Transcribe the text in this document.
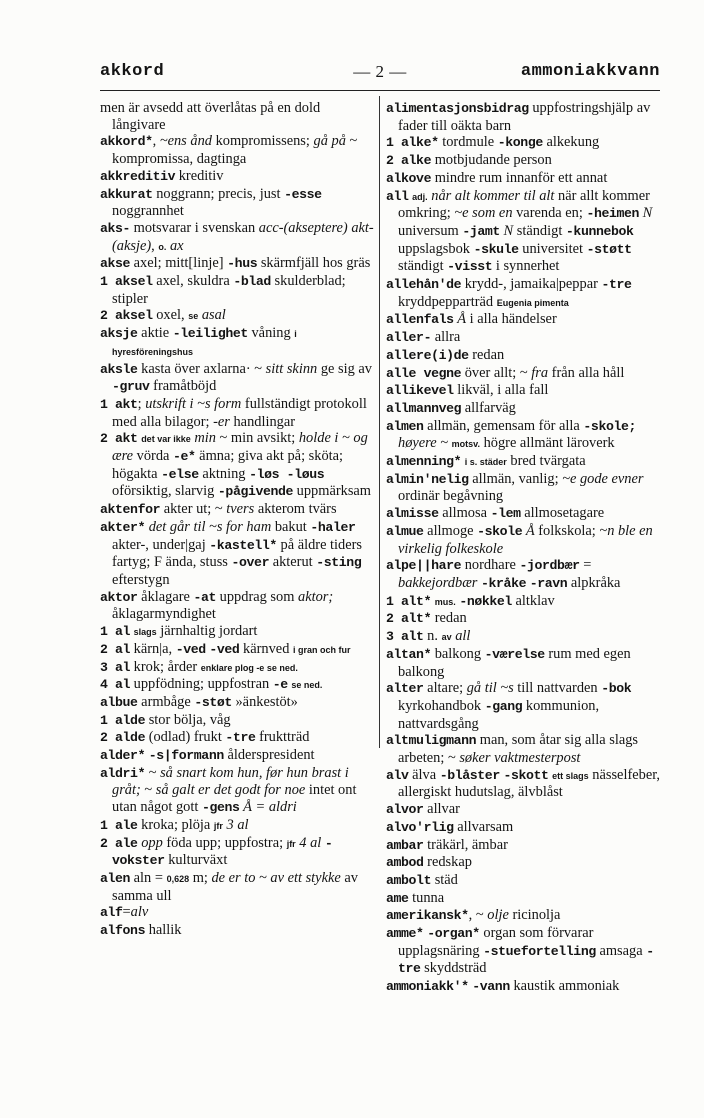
akkord	— 2 —	ammoniakkvann

men är avsedd att överlåtas på en dold långivare

akkord*, ~ens ånd kompromissens; gå på ~ kompromissa, dagtinga

akkreditiv kreditiv

akkurat noggrann; precis, just -esse noggrannhet

aks- motsvarar i svenskan acc-(akseptere) akt- (aksje), o. ax

akse axel; mitt[linje] -hus skärmfjäll hos gräs

1 aksel axel, skuldra -blad skulderblad; stipler

2 aksel oxel, se asal

aksje aktie -leilighet våning i hyresföreningshus

aksle kasta över axlarna· ~ sitt skinn ge sig av -gruv framåtböjd

1 akt; utskrift i ~s form fullständigt protokoll med alla bilagor; -er handlingar

2 akt det var ikke min ~ min avsikt; holde i ~ og ære vörda -e* ämna; giva akt på; sköta; högakta -else aktning -løs -løus oförsiktig, slarvig -pågivende uppmärksam

aktenfor akter ut; ~ tvers akterom tvärs

akter* det går til ~s for ham bakut -haler akter-, under|gaj -kastell* på äldre tiders fartyg; F ända, stuss -over akterut -sting efterstygn

aktor åklagare -at uppdrag som aktor; åklagarmyndighet

1 al slags järnhaltig jordart

2 al kärn|a, -ved -ved kärnved i gran och fur

3 al krok; årder enklare plog -e se ned.

4 al uppfödning; uppfostran -e se ned.

albue armbåge -støt »änkestöt»

1 alde stor bölja, våg

2 alde (odlad) frukt -tre fruktträd

alder* -s|formann ålderspresident

aldri* ~ så snart kom hun, før hun brast i gråt; ~ så galt er det godt for noe intet ont utan något gott -gens Å = aldri

1 ale kroka; plöja jfr 3 al

2 ale opp föda upp; uppfostra; jfr 4 al -vokster kulturväxt

alen aln = 0,628 m; de er to ~ av ett stykke av samma ull

alf=alv

alfons hallik

alimentasjonsbidrag uppfostringshjälp av fader till oäkta barn

1 alke* tordmule -konge alkekung

2 alke motbjudande person

alkove mindre rum innanför ett annat

all adj. når alt kommer til alt när allt kommer omkring; ~e som en varenda en; -heimen N universum -jamt N ständigt -kunnebok uppslagsbok -skule universitet -støtt ständigt -visst i synnerhet

allehån'de krydd-, jamaika|peppar -tre kryddpepparträd Eugenia pimenta

allenfals Å i alla händelser

aller- allra

allere(i)de redan

alle vegne över allt; ~ fra från alla håll

allikevel likväl, i alla fall

allmannveg allfarväg

almen allmän, gemensam för alla -skole; høyere ~ motsv. högre allmänt läroverk

almenning* i s. städer bred tvärgata

almin'nelig allmän, vanlig; ~e gode evner ordinär begåvning

almisse allmosa -lem allmosetagare

almue allmoge -skole Å folkskola; ~n ble en virkelig folkeskole

alpe||hare nordhare -jordbær = bakkejordbær -kråke -ravn alpkråka

1 alt* mus. -nøkkel altklav

2 alt* redan

3 alt n. av all

altan* balkong -værelse rum med egen balkong

alter altare; gå til ~s till nattvarden -bok kyrkohandbok -gang kommunion, nattvardsgång

altmuligmann man, som åtar sig alla slags arbeten; ~ søker vaktmesterpost

alv älva -blåster -skott ett slags nässelfeber, allergiskt hudutslag, älvblåst

alvor allvar

alvo'rlig allvarsam

ambar träkärl, ämbar

ambod redskap

ambolt städ

ame tunna

amerikansk*, ~ olje ricinolja

amme* -organ* organ som förvarar upplagsnäring -stuefortelling amsaga -tre skyddsträd

ammoniakk'* -vann kaustik ammoniak
